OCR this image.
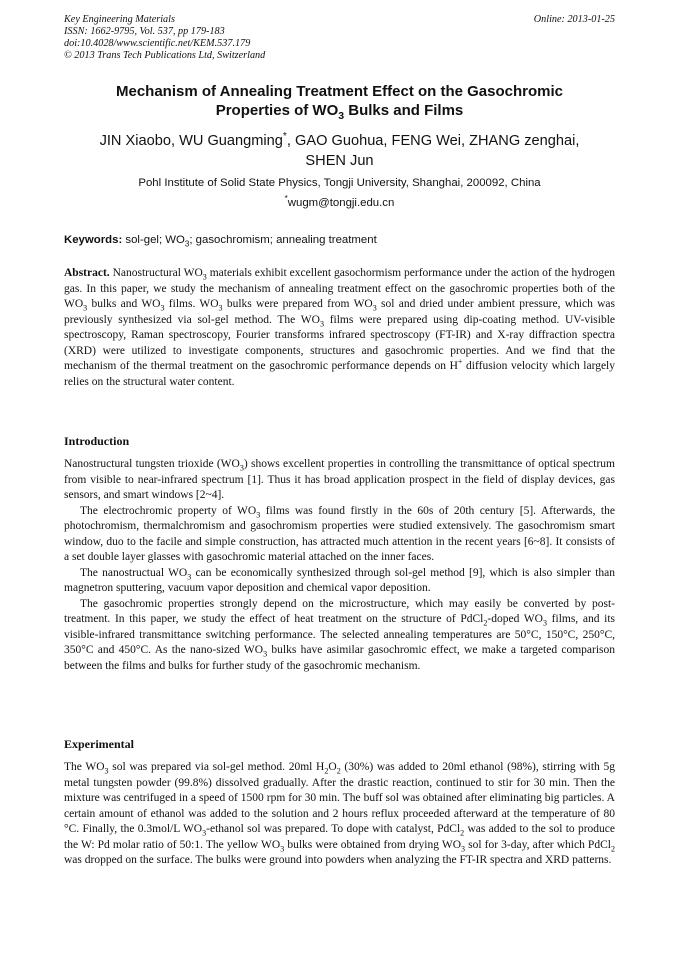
Key Engineering Materials
ISSN: 1662-9795, Vol. 537, pp 179-183
doi:10.4028/www.scientific.net/KEM.537.179
© 2013 Trans Tech Publications Ltd, Switzerland
Online: 2013-01-25
Mechanism of Annealing Treatment Effect on the Gasochromic
Properties of $WO_3$ Bulks and Films
JIN Xiaobo, WU Guangming*, GAO Guohua, FENG Wei, ZHANG zenghai,
SHEN Jun
Pohl Institute of Solid State Physics, Tongji University, Shanghai, 200092, China
*wugm@tongji.edu.cn
Keywords: sol-gel; $WO_3$; gasochromism; annealing treatment
Abstract. Nanostructural $WO_3$ materials exhibit excellent gasochormism performance under the action of the hydrogen gas. In this paper, we study the mechanism of annealing treatment effect on the gasochromic properties both of the $WO_3$ bulks and $WO_3$ films. $WO_3$ bulks were prepared from $WO_3$ sol and dried under ambient pressure, which was previously synthesized via sol-gel method. The $WO_3$ films were prepared using dip-coating method. UV-visible spectroscopy, Raman spectroscopy, Fourier transforms infrared spectroscopy (FT-IR) and X-ray diffraction spectra (XRD) were utilized to investigate components, structures and gasochromic properties. And we find that the mechanism of the thermal treatment on the gasochromic performance depends on H+ diffusion velocity which largely relies on the structural water content.
Introduction

Nanostructural tungsten trioxide $(WO_3)$ shows excellent properties in controlling the transmittance of optical spectrum from visible to near-infrared spectrum [1]. Thus it has broad application prospect in the field of display devices, gas sensors, and smart windows [2~4].

The electrochromic property of $WO_3$ films was found firstly in the 60s of 20th century [5]. Afterwards, the photochromism, thermalchromism and gasochromism properties were studied extensively. The gasochromism smart window, duo to the facile and simple construction, has attracted much attention in the recent years [6~8]. It consists of a set double layer glasses with gasochromic material attached on the inner faces.

The nanostructual $WO_3$ can be economically synthesized through sol-gel method [9], which is also simpler than magnetron sputtering, vacuum vapor deposition and chemical vapor deposition.

The gasochromic properties strongly depend on the microstructure, which may easily be converted by post-treatment. In this paper, we study the effect of heat treatment on the structure of PdCl$_2$-doped $WO_3$ films, and its visible-infrared transmittance switching performance. The selected annealing temperatures are 50°C, 150°C, 250°C, 350°C and 450°C. As the nano-sized $WO_3$ bulks have asimilar gasochromic effect, we make a targeted comparison between the films and bulks for further study of the gasochromic mechanism.

Experimental

The $WO_3$ sol was prepared via sol-gel method. 20ml $H_2O_2$ (30%) was added to 20ml ethanol (98%), stirring with 5g metal tungsten powder (99.8%) dissolved gradually. After the drastic reaction, continued to stir for 30 min. Then the mixture was centrifuged in a speed of 1500 rpm for 30 min. The buff sol was obtained after eliminating big particles. A certain amount of ethanol was added to the solution and 2 hours reflux proceeded afterward at the temperature of 80 °C. Finally, the 0.3mol/L $WO_3$-ethanol sol was prepared. To dope with catalyst, PdCl$_2$ was added to the sol to produce the W: Pd molar ratio of 50:1. The yellow $WO_3$ bulks were obtained from drying $WO_3$ sol for 3-day, after which PdCl$_2$ was dropped on the surface. The bulks were ground into powders when analyzing the FT-IR spectra and XRD patterns.
